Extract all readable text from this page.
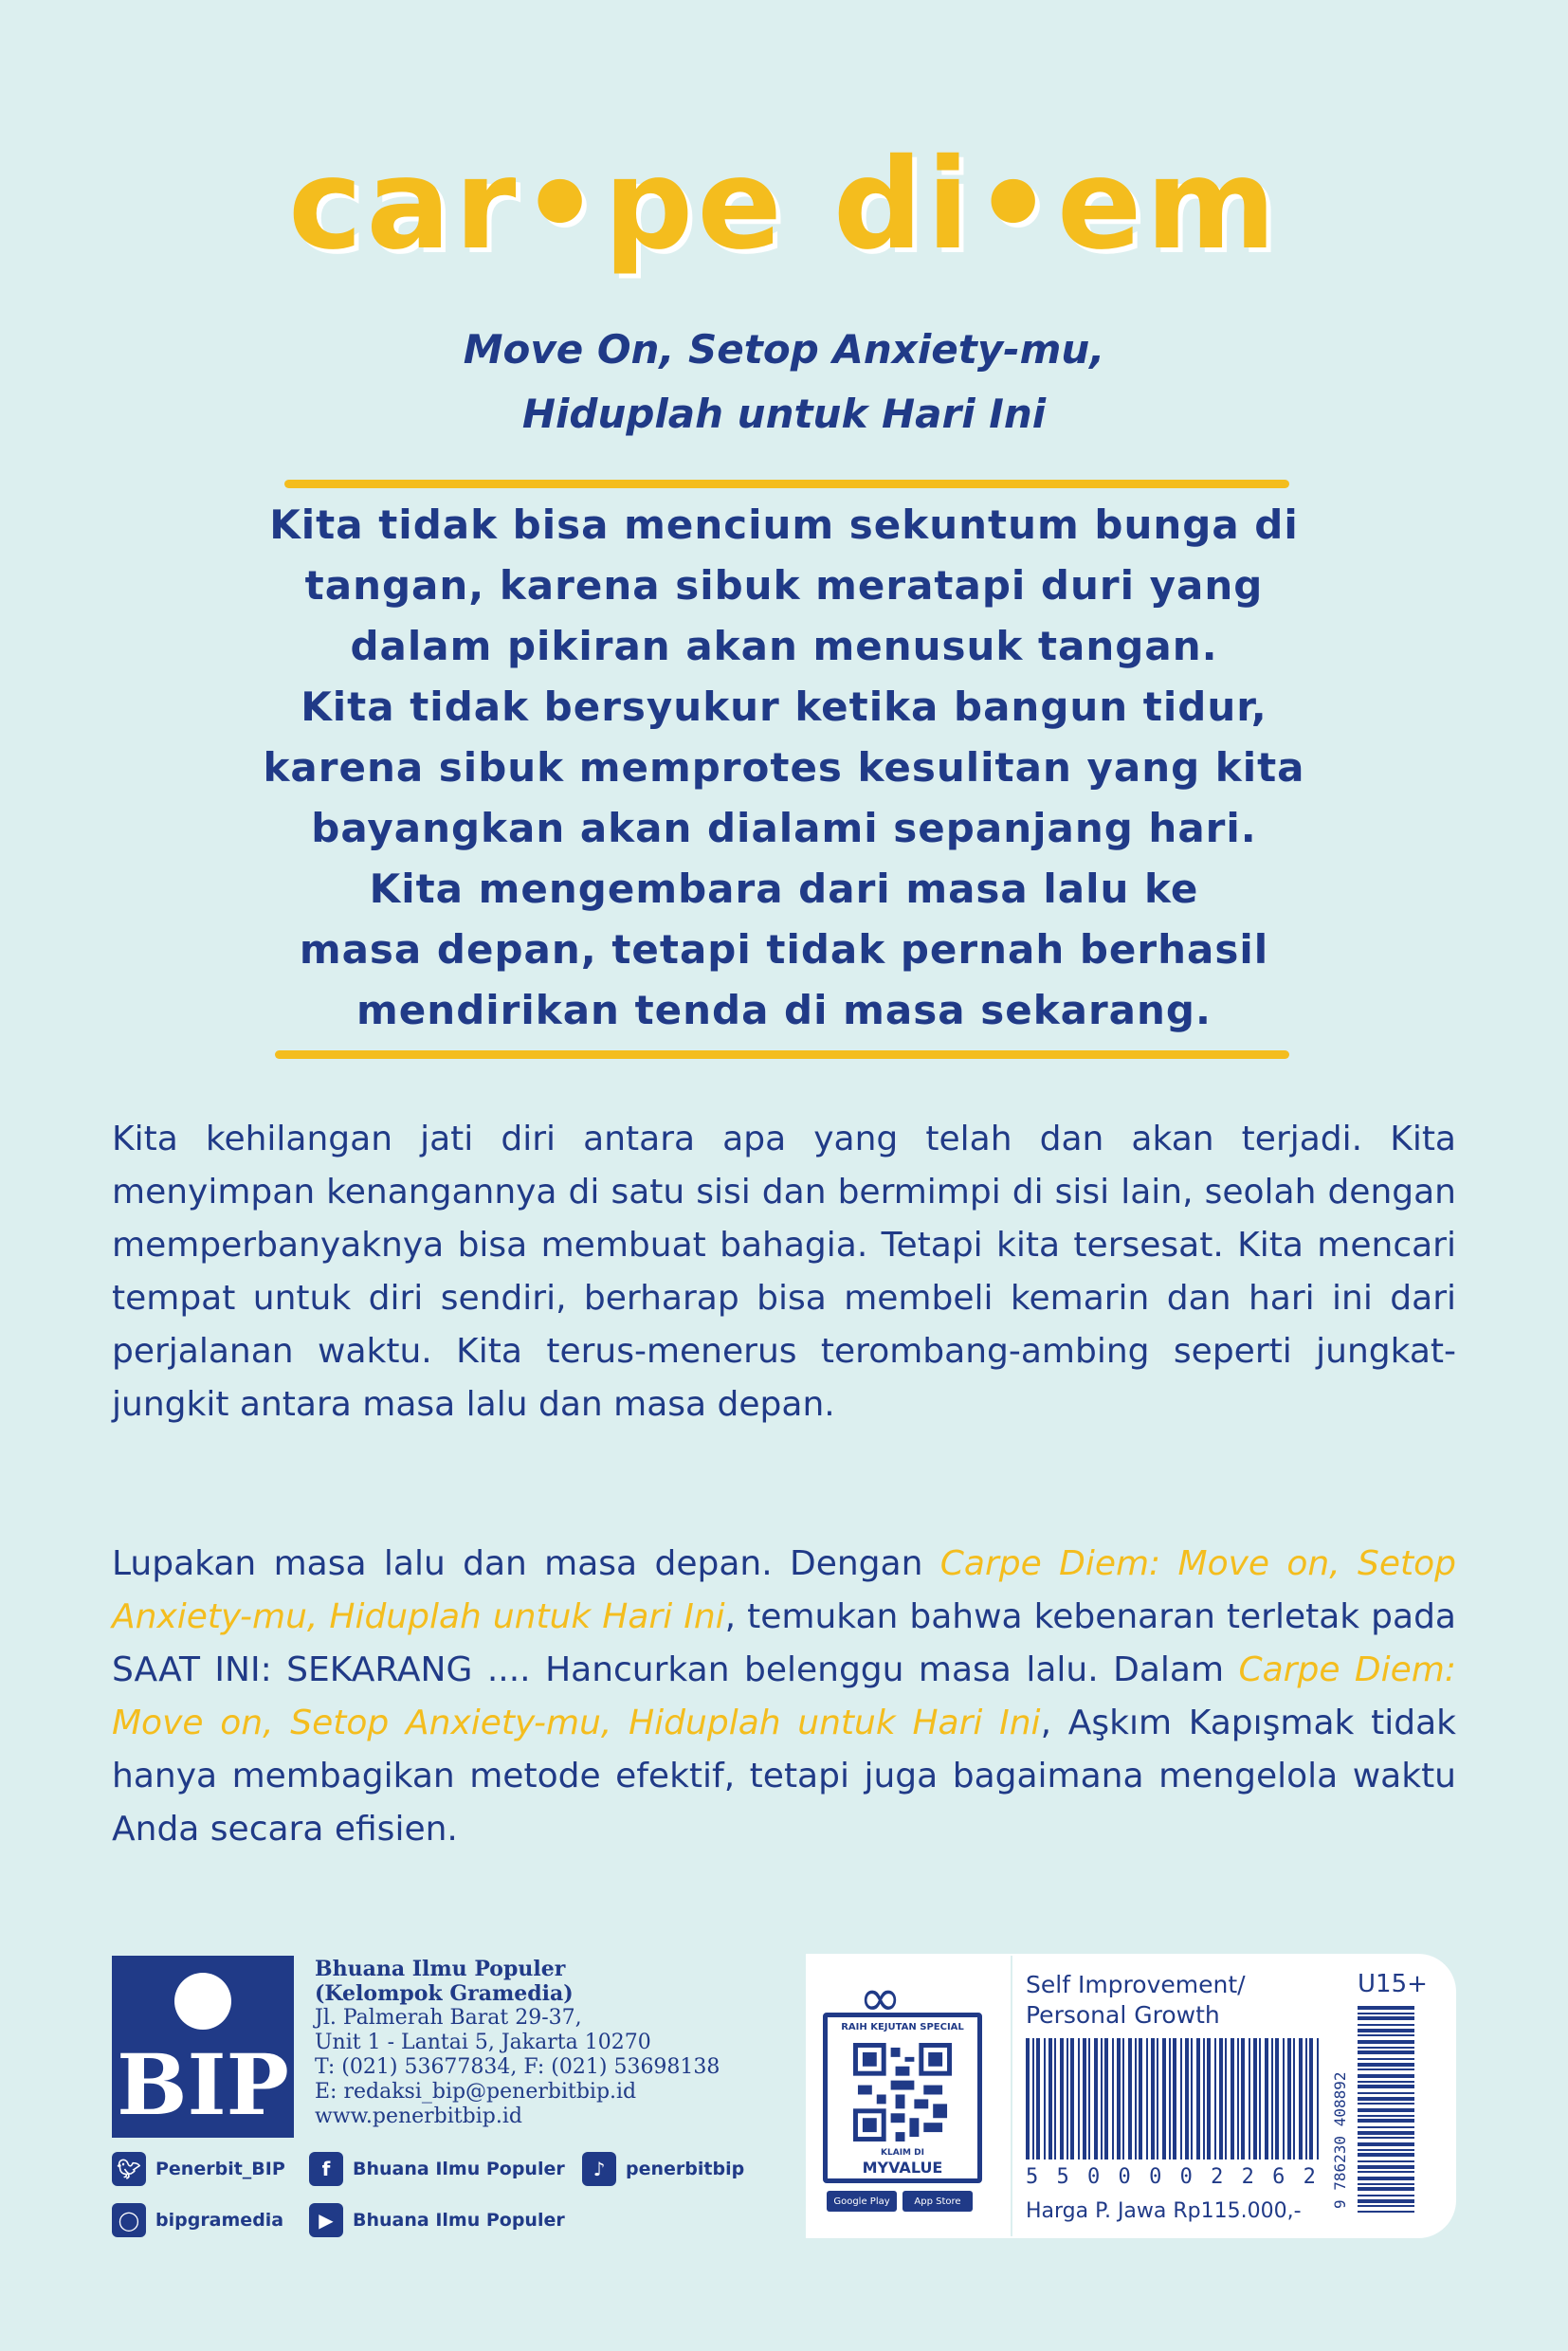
car•pe di•em
Move On, Setop Anxiety-mu,
Hiduplah untuk Hari Ini
Kita tidak bisa mencium sekuntum bunga di
tangan, karena sibuk meratapi duri yang
dalam pikiran akan menusuk tangan.
Kita tidak bersyukur ketika bangun tidur,
karena sibuk memprotes kesulitan yang kita
bayangkan akan dialami sepanjang hari.
Kita mengembara dari masa lalu ke
masa depan, tetapi tidak pernah berhasil
mendirikan tenda di masa sekarang.
Kita kehilangan jati diri antara apa yang telah dan akan terjadi. Kita menyimpan kenangannya di satu sisi dan bermimpi di sisi lain, seolah dengan memperbanyaknya bisa membuat bahagia. Tetapi kita tersesat. Kita mencari tempat untuk diri sendiri, berharap bisa membeli kemarin dan hari ini dari perjalanan waktu. Kita terus-menerus terombang-ambing seperti jungkat-jungkit antara masa lalu dan masa depan.
Lupakan masa lalu dan masa depan. Dengan Carpe Diem: Move on, Setop Anxiety-mu, Hiduplah untuk Hari Ini, temukan bahwa kebenaran terletak pada SAAT INI: SEKARANG .... Hancurkan belenggu masa lalu. Dalam Carpe Diem: Move on, Setop Anxiety-mu, Hiduplah untuk Hari Ini, Aşkım Kapışmak tidak hanya membagikan metode efektif, tetapi juga bagaimana mengelola waktu Anda secara efisien.
BIP
Bhuana Ilmu Populer
(Kelompok Gramedia)
Jl. Palmerah Barat 29-37,
Unit 1 - Lantai 5, Jakarta 10270
T: (021) 53677834, F: (021) 53698138
E: redaksi_bip@penerbitbip.id
www.penerbitbip.id
🐦︎ Penerbit_BIP	f	Bhuana Ilmu Populer	♪	penerbitbip
◯ bipgramedia	▶	Bhuana Ilmu Populer
∞
RAIH KEJUTAN SPECIAL
KLAIM DI
MYVALUE
Google Play	App Store
Self Improvement/
Personal Growth
U15+
9 786230 408892
5 5 0 0 0 0 2 2 6 2
Harga P. Jawa Rp115.000,-
